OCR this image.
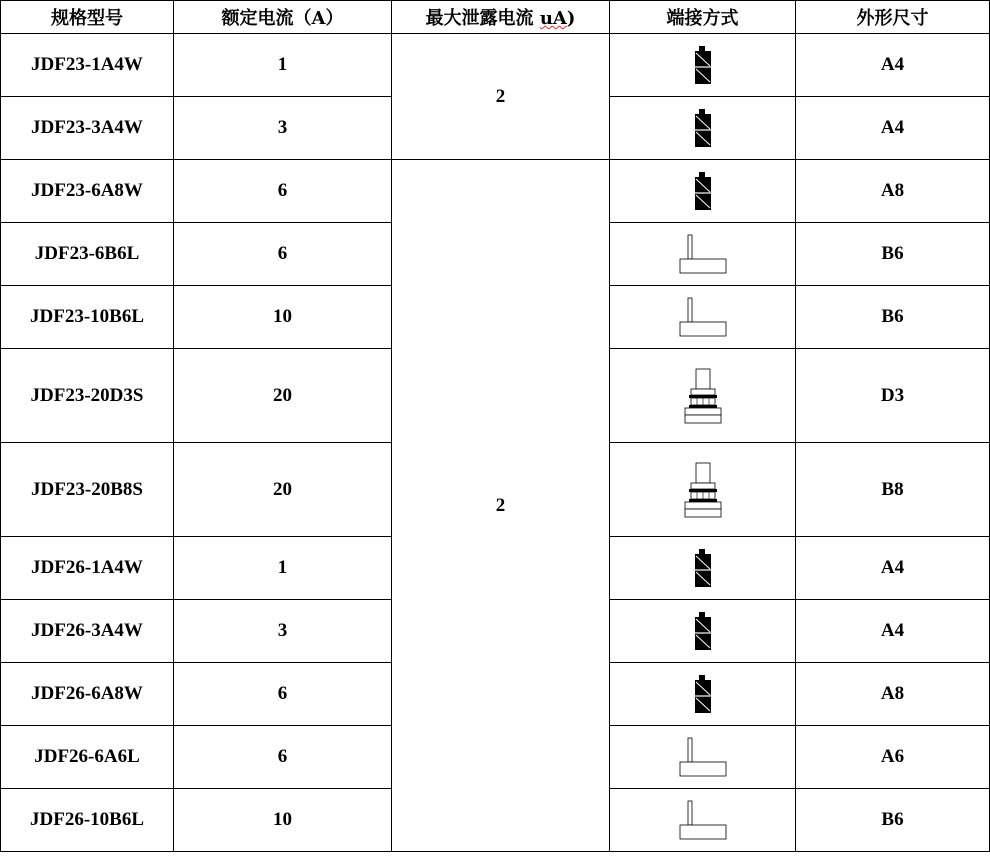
规格型号	额定电流（A）	最大泄露电流 uA)	端接方式	外形尺寸
JDF23-1A4W	1	2		A4
JDF23-3A4W	3			A4
JDF23-6A8W	6	2		A8
JDF23-6B6L	6			B6
JDF23-10B6L	10			B6
JDF23-20D3S	20			D3
JDF23-20B8S	20			B8
JDF26-1A4W	1			A4
JDF26-3A4W	3			A4
JDF26-6A8W	6			A8
JDF26-6A6L	6			A6
JDF26-10B6L	10			B6
